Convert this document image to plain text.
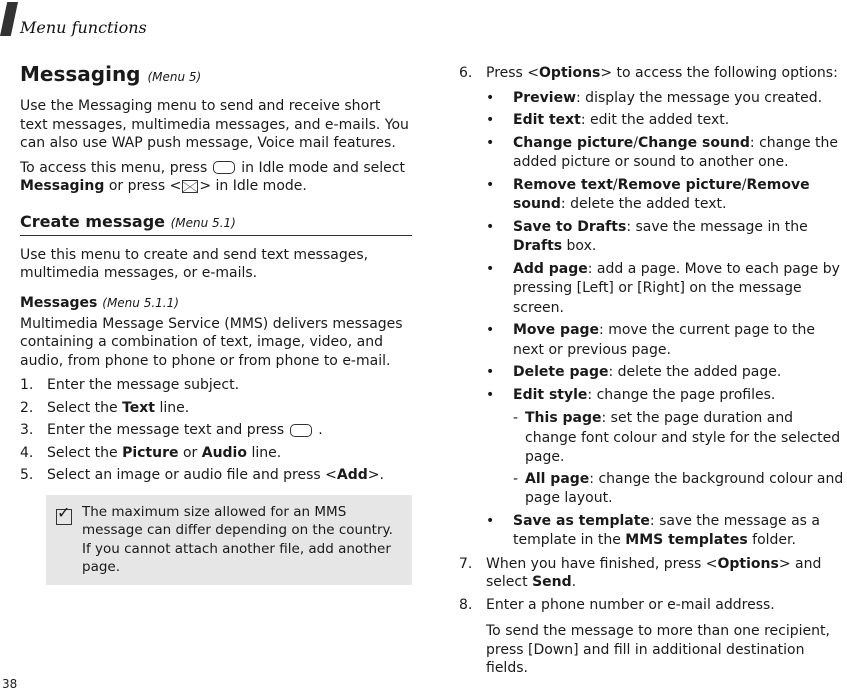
Menu functions
Messaging (Menu 5)

Use the Messaging menu to send and receive short text messages, multimedia messages, and e-mails. You can also use WAP push message, Voice mail features.

To access this menu, press in Idle mode and select Messaging or press < > in Idle mode.

Create message (Menu 5.1)

Use this menu to create and send text messages, multimedia messages, or e-mails.

Messages (Menu 5.1.1)

Multimedia Message Service (MMS) delivers messages containing a combination of text, image, video, and audio, from phone to phone or from phone to e-mail.

1. Enter the message subject.
2. Select the Text line.
3. Enter the message text and press .
4. Select the Picture or Audio line.
5. Select an image or audio file and press <Add>.
✓
The maximum size allowed for an MMS message can differ depending on the country. If you cannot attach another file, add another page.
6. Press <Options> to access the following options:
• Preview: display the message you created.
• Edit text: edit the added text.
• Change picture/Change sound: change the added picture or sound to another one.
• Remove text/Remove picture/Remove sound: delete the added text.
• Save to Drafts: save the message in the Drafts box.
• Add page: add a page. Move to each page by pressing [Left] or [Right] on the message screen.
• Move page: move the current page to the next or previous page.
• Delete page: delete the added page.
• Edit style: change the page profiles.
- This page: set the page duration and change font colour and style for the selected page.
- All page: change the background colour and page layout.
• Save as template: save the message as a template in the MMS templates folder.
7. When you have finished, press <Options> and select Send.
8. Enter a phone number or e-mail address.

To send the message to more than one recipient, press [Down] and fill in additional destination fields.

38
